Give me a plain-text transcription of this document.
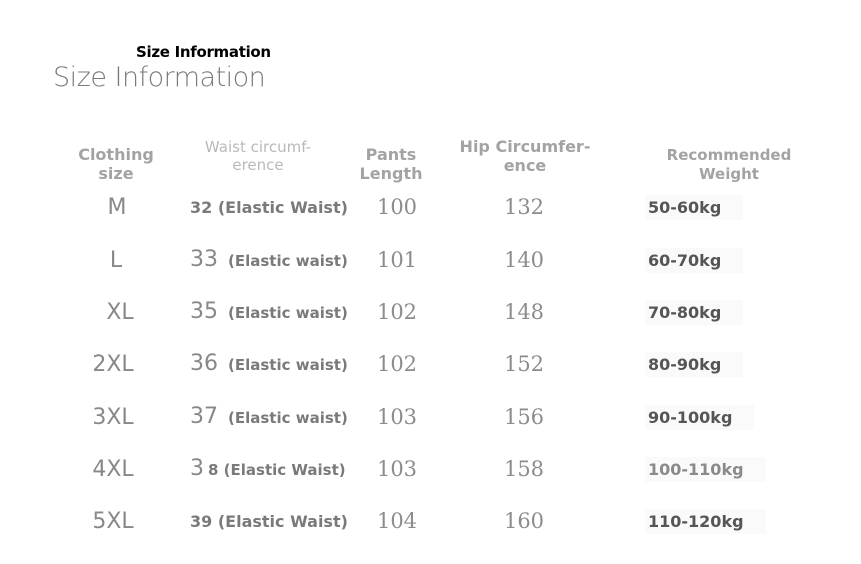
Size Information
Size Information
Clothing size
Waist circumf-
erence
Pants Length
Hip Circumfer-
ence
Recommended Weight
M	32 (Elastic Waist)	100	132	50-60kg
L	33 (Elastic waist)	101	140	60-70kg
XL	35 (Elastic waist)	102	148	70-80kg
2XL	36 (Elastic waist)	102	152	80-90kg
3XL	37 (Elastic waist)	103	156	90-100kg
4XL	3 8 (Elastic Waist)	103	158	100-110kg
5XL	39 (Elastic Waist)	104	160	110-120kg
